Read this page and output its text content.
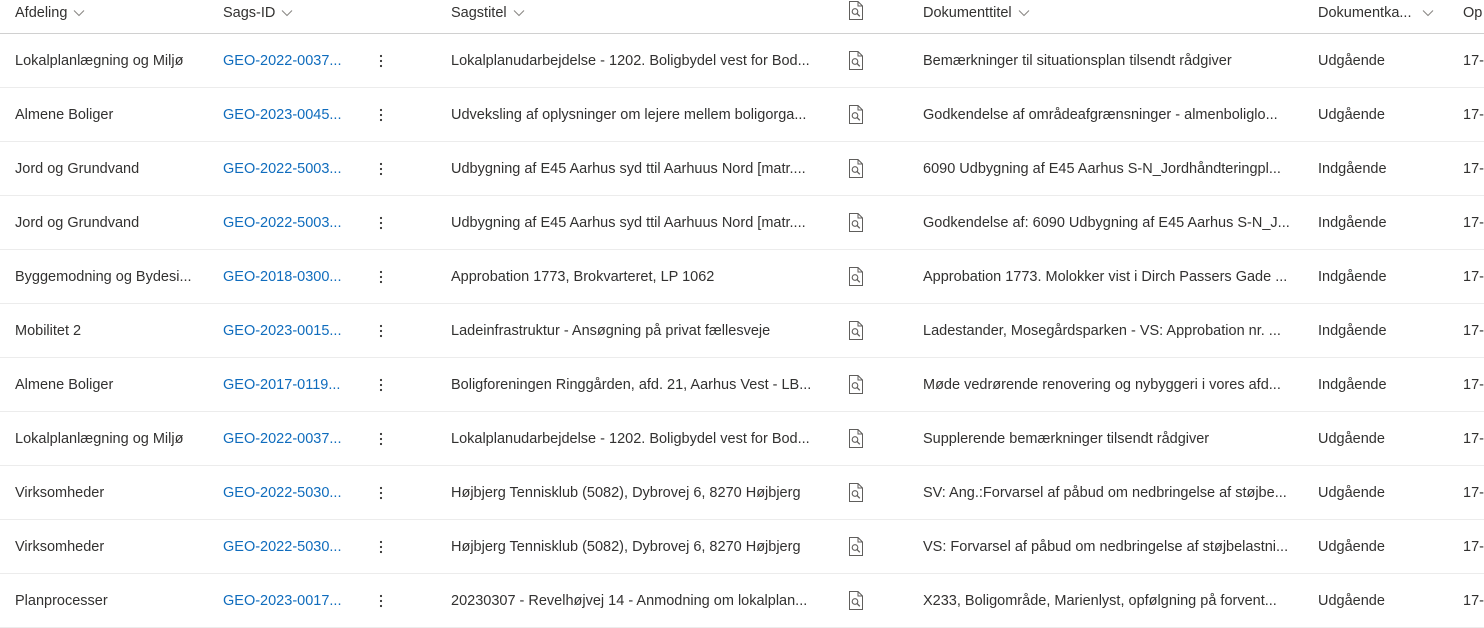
Afdeling	Sags-ID	Sagstitel	Dokumenttitel	Dokumentka...	Op
Lokalplanlægning og Miljø	GEO-2022-0037...	Lokalplanudarbejdelse - 1202. Boligbydel vest for Bod...	Bemærkninger til situationsplan tilsendt rådgiver	Udgående	17-
Almene Boliger	GEO-2023-0045...	Udveksling af oplysninger om lejere mellem boligorga...	Godkendelse af områdeafgrænsninger - almenboliglo...	Udgående	17-
Jord og Grundvand	GEO-2022-5003...	Udbygning af E45 Aarhus syd ttil Aarhuus Nord [matr....	6090 Udbygning af E45 Aarhus S-N_Jordhåndteringpl...	Indgående	17-
Jord og Grundvand	GEO-2022-5003...	Udbygning af E45 Aarhus syd ttil Aarhuus Nord [matr....	Godkendelse af: 6090 Udbygning af E45 Aarhus S-N_J...	Indgående	17-
Byggemodning og Bydesi...	GEO-2018-0300...	Approbation 1773, Brokvarteret, LP 1062	Approbation 1773. Molokker vist i Dirch Passers Gade ...	Indgående	17-
Mobilitet 2	GEO-2023-0015...	Ladeinfrastruktur - Ansøgning på privat fællesveje	Ladestander, Mosegårdsparken - VS: Approbation nr. ...	Indgående	17-
Almene Boliger	GEO-2017-0119...	Boligforeningen Ringgården, afd. 21, Aarhus Vest - LB...	Møde vedrørende renovering og nybyggeri i vores afd...	Indgående	17-
Lokalplanlægning og Miljø	GEO-2022-0037...	Lokalplanudarbejdelse - 1202. Boligbydel vest for Bod...	Supplerende bemærkninger tilsendt rådgiver	Udgående	17-
Virksomheder	GEO-2022-5030...	Højbjerg Tennisklub (5082), Dybrovej 6, 8270 Højbjerg	SV: Ang.:Forvarsel af påbud om nedbringelse af støjbe...	Udgående	17-
Virksomheder	GEO-2022-5030...	Højbjerg Tennisklub (5082), Dybrovej 6, 8270 Højbjerg	VS: Forvarsel af påbud om nedbringelse af støjbelastni...	Udgående	17-
Planprocesser	GEO-2023-0017...	20230307 - Revelhøjvej 14 - Anmodning om lokalplan...	X233, Boligområde, Marienlyst, opfølgning på forvent...	Udgående	17-
